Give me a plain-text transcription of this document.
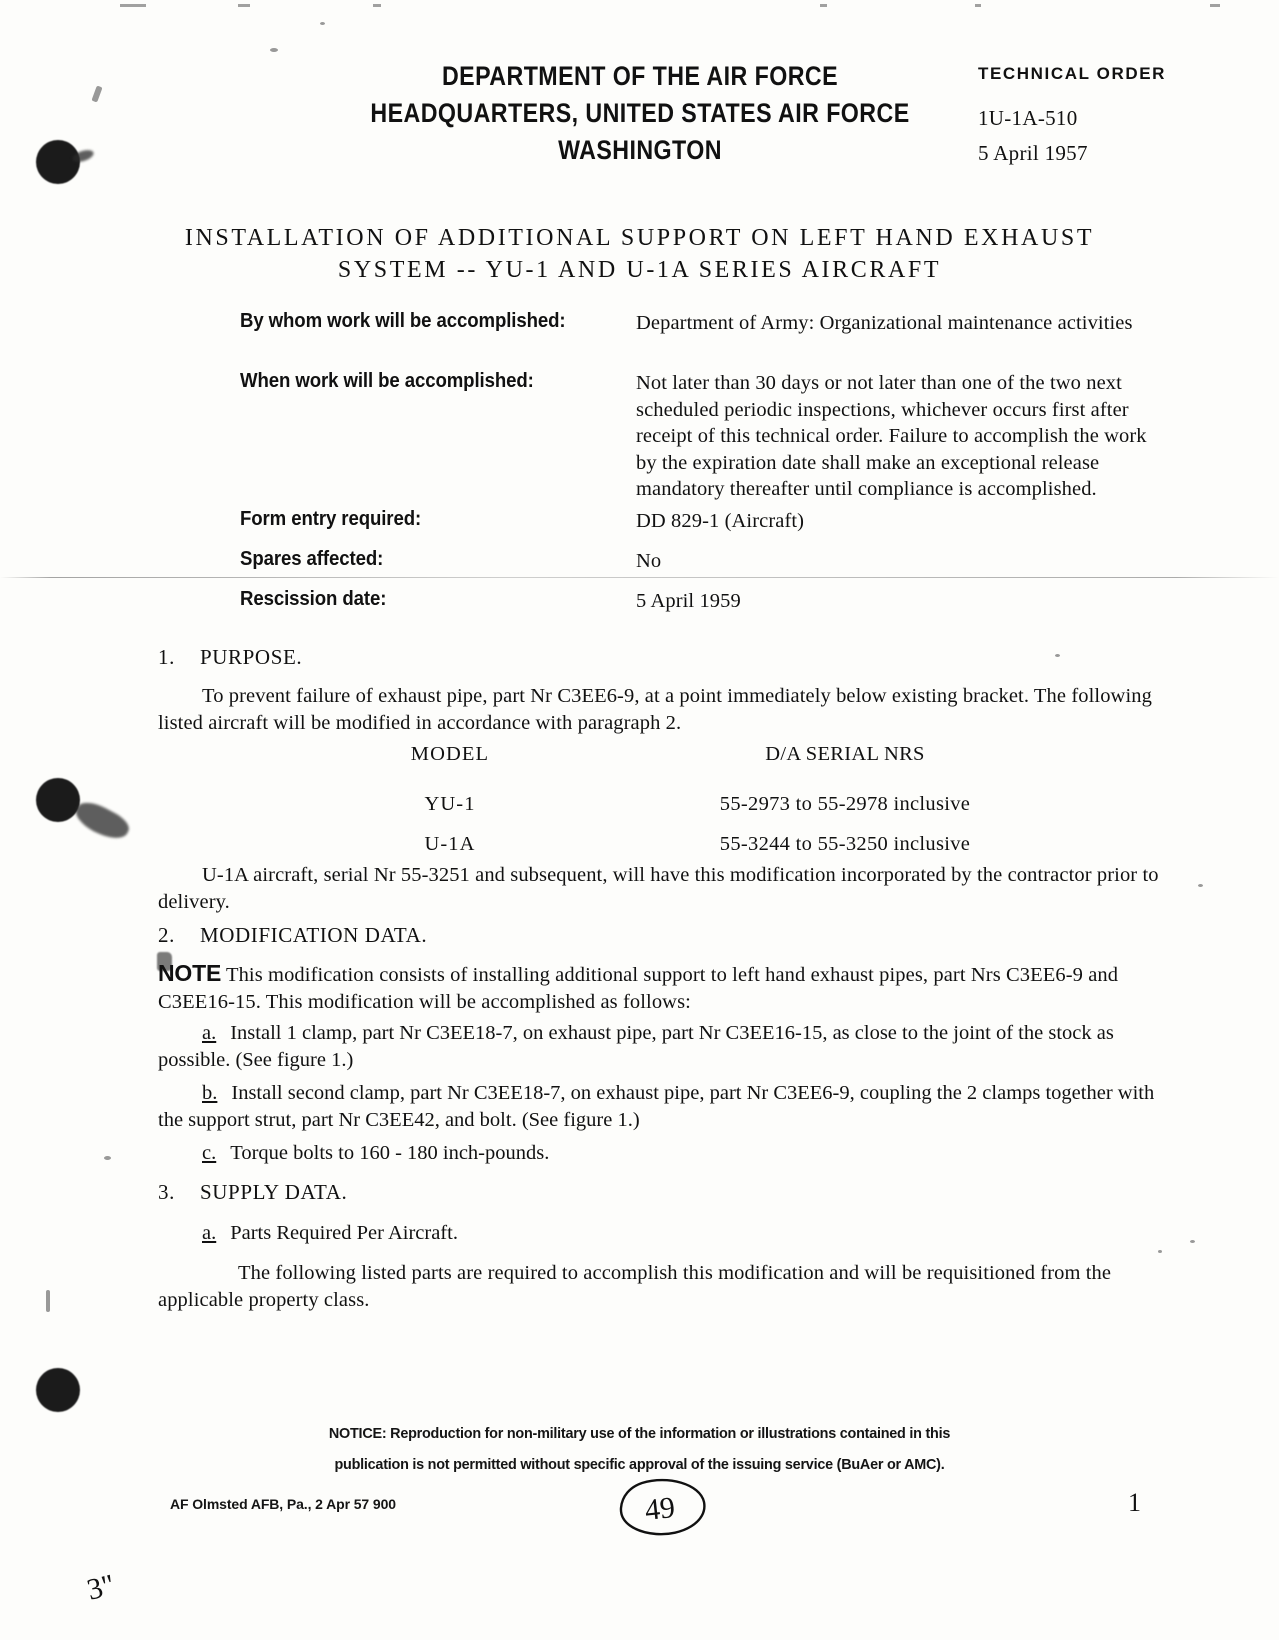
DEPARTMENT OF THE AIR FORCE
HEADQUARTERS, UNITED STATES AIR FORCE
WASHINGTON
TECHNICAL ORDER
1U-1A-510
5 April 1957
INSTALLATION OF ADDITIONAL SUPPORT ON LEFT HAND EXHAUST
SYSTEM -- YU-1 AND U-1A SERIES AIRCRAFT
By whom work will be accomplished:	Department of Army: Organizational maintenance activities
When work will be accomplished:	Not later than 30 days or not later than one of the two next scheduled periodic inspections, whichever occurs first after receipt of this technical order. Failure to accomplish the work by the expiration date shall make an exceptional release mandatory thereafter until compliance is accomplished.
Form entry required:	DD 829-1 (Aircraft)
Spares affected:	No
Rescission date:	5 April 1959
1. PURPOSE.
To prevent failure of exhaust pipe, part Nr C3EE6-9, at a point immediately below existing bracket. The following listed aircraft will be modified in accordance with paragraph 2.
MODEL	D/A SERIAL NRS
YU-1	55-2973 to 55-2978 inclusive
U-1A	55-3244 to 55-3250 inclusive
U-1A aircraft, serial Nr 55-3251 and subsequent, will have this modification incorporated by the contractor prior to delivery.
2. MODIFICATION DATA.
NOTE This modification consists of installing additional support to left hand exhaust pipes, part Nrs C3EE6-9 and C3EE16-15. This modification will be accomplished as follows:
a. Install 1 clamp, part Nr C3EE18-7, on exhaust pipe, part Nr C3EE16-15, as close to the joint of the stock as possible. (See figure 1.)
b. Install second clamp, part Nr C3EE18-7, on exhaust pipe, part Nr C3EE6-9, coupling the 2 clamps together with the support strut, part Nr C3EE42, and bolt. (See figure 1.)
c. Torque bolts to 160 - 180 inch-pounds.
3. SUPPLY DATA.
a. Parts Required Per Aircraft.
The following listed parts are required to accomplish this modification and will be requisitioned from the applicable property class.
NOTICE: Reproduction for non-military use of the information or illustrations contained in this
publication is not permitted without specific approval of the issuing service (BuAer or AMC).
AF Olmsted AFB, Pa., 2 Apr 57 900	1
49
3"
